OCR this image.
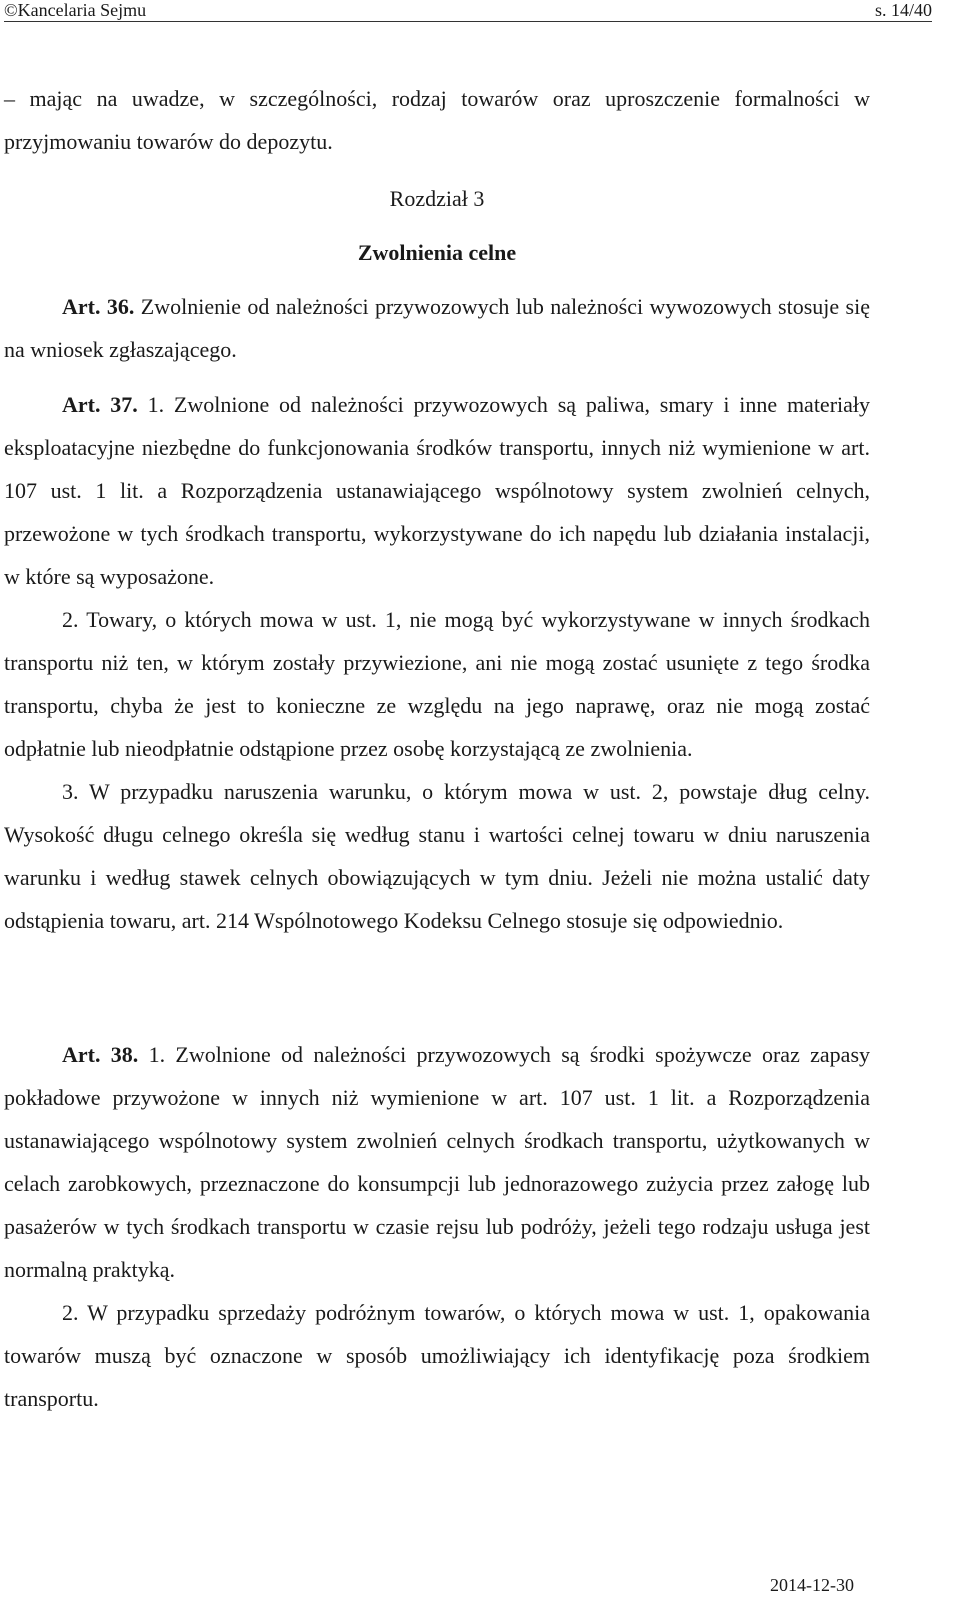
©Kancelaria Sejmu	s. 14/40

– mając na uwadze, w szczególności, rodzaj towarów oraz uproszczenie formalności w przyjmowaniu towarów do depozytu.

Rozdział 3

Zwolnienia celne

Art. 36. Zwolnienie od należności przywozowych lub należności wywozowych stosuje się na wniosek zgłaszającego.

Art. 37. 1. Zwolnione od należności przywozowych są paliwa, smary i inne materiały eksploatacyjne niezbędne do funkcjonowania środków transportu, innych niż wymienione w art. 107 ust. 1 lit. a Rozporządzenia ustanawiającego wspólnotowy system zwolnień celnych, przewożone w tych środkach transportu, wykorzystywane do ich napędu lub działania instalacji, w które są wyposażone.

2. Towary, o których mowa w ust. 1, nie mogą być wykorzystywane w innych środkach transportu niż ten, w którym zostały przywiezione, ani nie mogą zostać usunięte z tego środka transportu, chyba że jest to konieczne ze względu na jego naprawę, oraz nie mogą zostać odpłatnie lub nieodpłatnie odstąpione przez osobę korzystającą ze zwolnienia.

3. W przypadku naruszenia warunku, o którym mowa w ust. 2, powstaje dług celny. Wysokość długu celnego określa się według stanu i wartości celnej towaru w dniu naruszenia warunku i według stawek celnych obowiązujących w tym dniu. Jeżeli nie można ustalić daty odstąpienia towaru, art. 214 Wspólnotowego Kodeksu Celnego stosuje się odpowiednio.

Art. 38. 1. Zwolnione od należności przywozowych są środki spożywcze oraz zapasy pokładowe przywożone w innych niż wymienione w art. 107 ust. 1 lit. a Rozporządzenia ustanawiającego wspólnotowy system zwolnień celnych środkach transportu, użytkowanych w celach zarobkowych, przeznaczone do konsumpcji lub jednorazowego zużycia przez załogę lub pasażerów w tych środkach transportu w czasie rejsu lub podróży, jeżeli tego rodzaju usługa jest normalną praktyką.

2. W przypadku sprzedaży podróżnym towarów, o których mowa w ust. 1, opakowania towarów muszą być oznaczone w sposób umożliwiający ich identyfikację poza środkiem transportu.

2014-12-30
